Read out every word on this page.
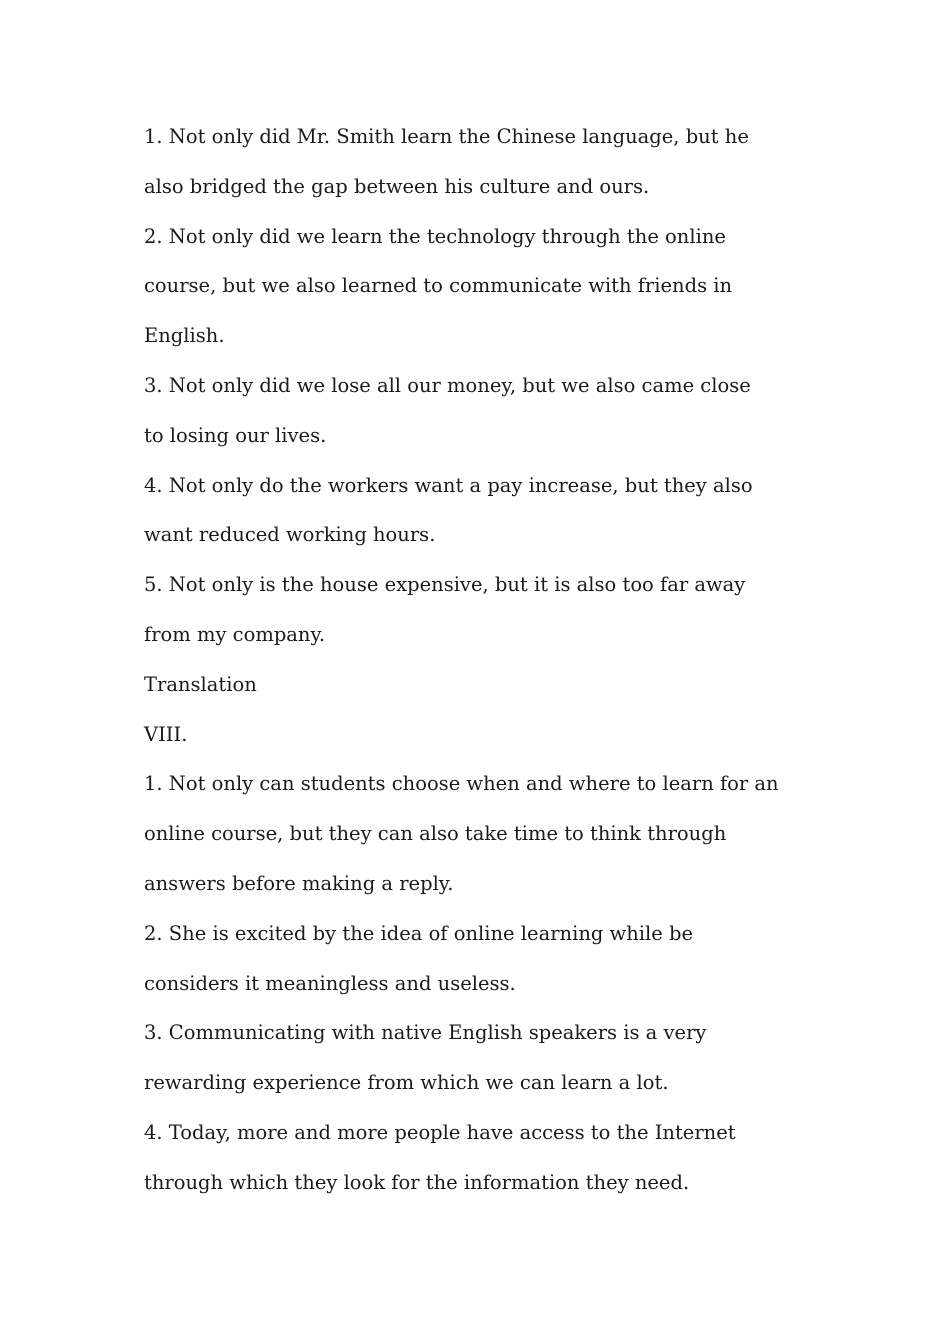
1. Not only did Mr. Smith learn the Chinese language, but he
also bridged the gap between his culture and ours.
2. Not only did we learn the technology through the online
course, but we also learned to communicate with friends in
English.
3. Not only did we lose all our money, but we also came close
to losing our lives.
4. Not only do the workers want a pay increase, but they also
want reduced working hours.
5. Not only is the house expensive, but it is also too far away
from my company.
Translation
VIII.
1. Not only can students choose when and where to learn for an
online course, but they can also take time to think through
answers before making a reply.
2. She is excited by the idea of online learning while be
considers it meaningless and useless.
3. Communicating with native English speakers is a very
rewarding experience from which we can learn a lot.
4. Today, more and more people have access to the Internet
through which they look for the information they need.
